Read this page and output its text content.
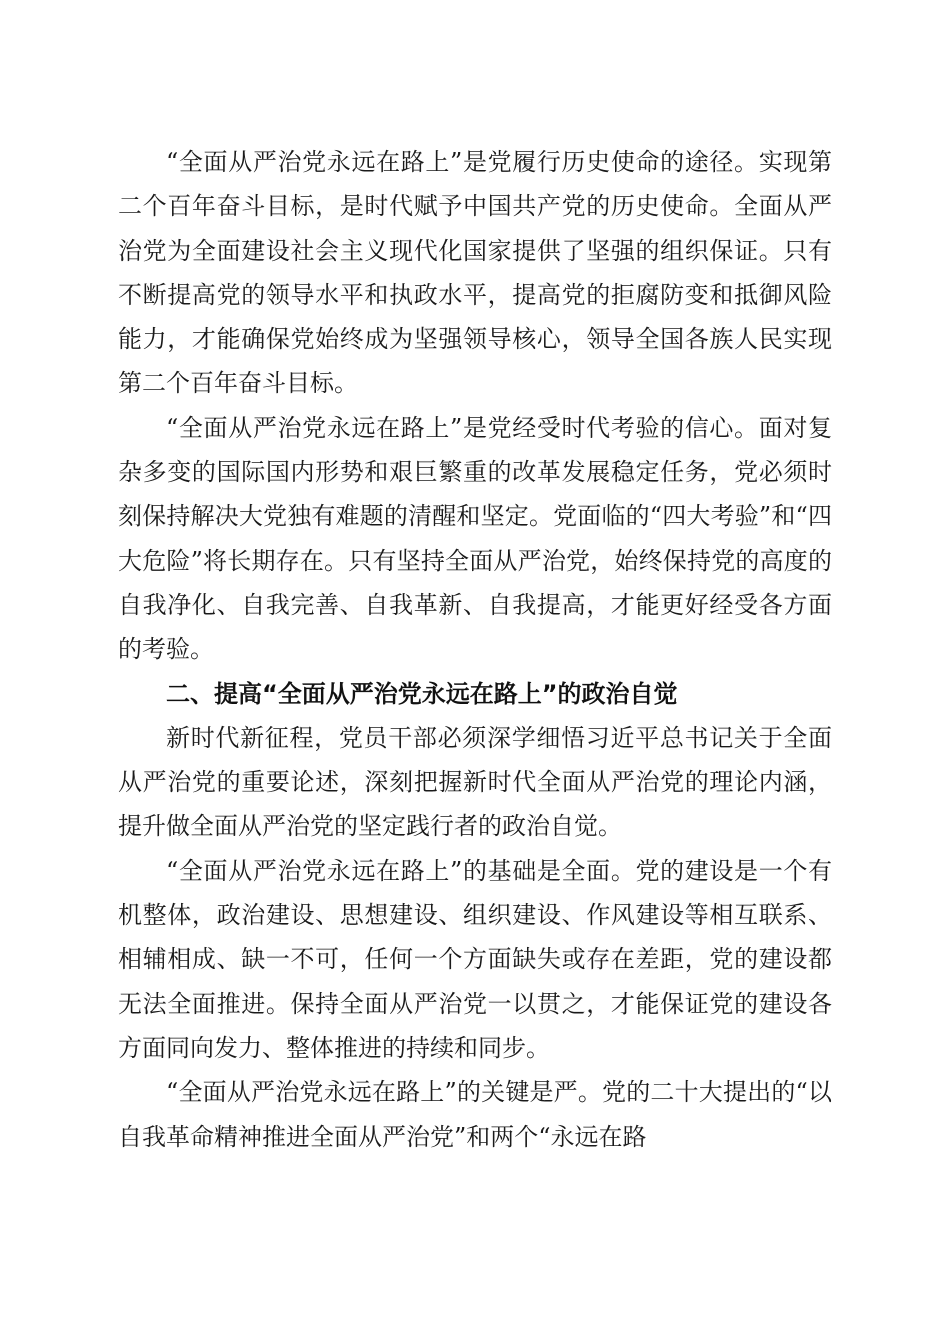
“全面从严治党永远在路上”是党履行历史使命的途径。实现第二个百年奋斗目标，是时代赋予中国共产党的历史使命。全面从严治党为全面建设社会主义现代化国家提供了坚强的组织保证。只有不断提高党的领导水平和执政水平，提高党的拒腐防变和抵御风险能力，才能确保党始终成为坚强领导核心，领导全国各族人民实现第二个百年奋斗目标。

“全面从严治党永远在路上”是党经受时代考验的信心。面对复杂多变的国际国内形势和艰巨繁重的改革发展稳定任务，党必须时刻保持解决大党独有难题的清醒和坚定。党面临的“四大考验”和“四大危险”将长期存在。只有坚持全面从严治党，始终保持党的高度的自我净化、自我完善、自我革新、自我提高，才能更好经受各方面的考验。

二、提高“全面从严治党永远在路上”的政治自觉

新时代新征程，党员干部必须深学细悟习近平总书记关于全面从严治党的重要论述，深刻把握新时代全面从严治党的理论内涵，提升做全面从严治党的坚定践行者的政治自觉。

“全面从严治党永远在路上”的基础是全面。党的建设是一个有机整体，政治建设、思想建设、组织建设、作风建设等相互联系、相辅相成、缺一不可，任何一个方面缺失或存在差距，党的建设都无法全面推进。保持全面从严治党一以贯之，才能保证党的建设各方面同向发力、整体推进的持续和同步。

“全面从严治党永远在路上”的关键是严。党的二十大提出的“以自我革命精神推进全面从严治党”和两个“永远在路
